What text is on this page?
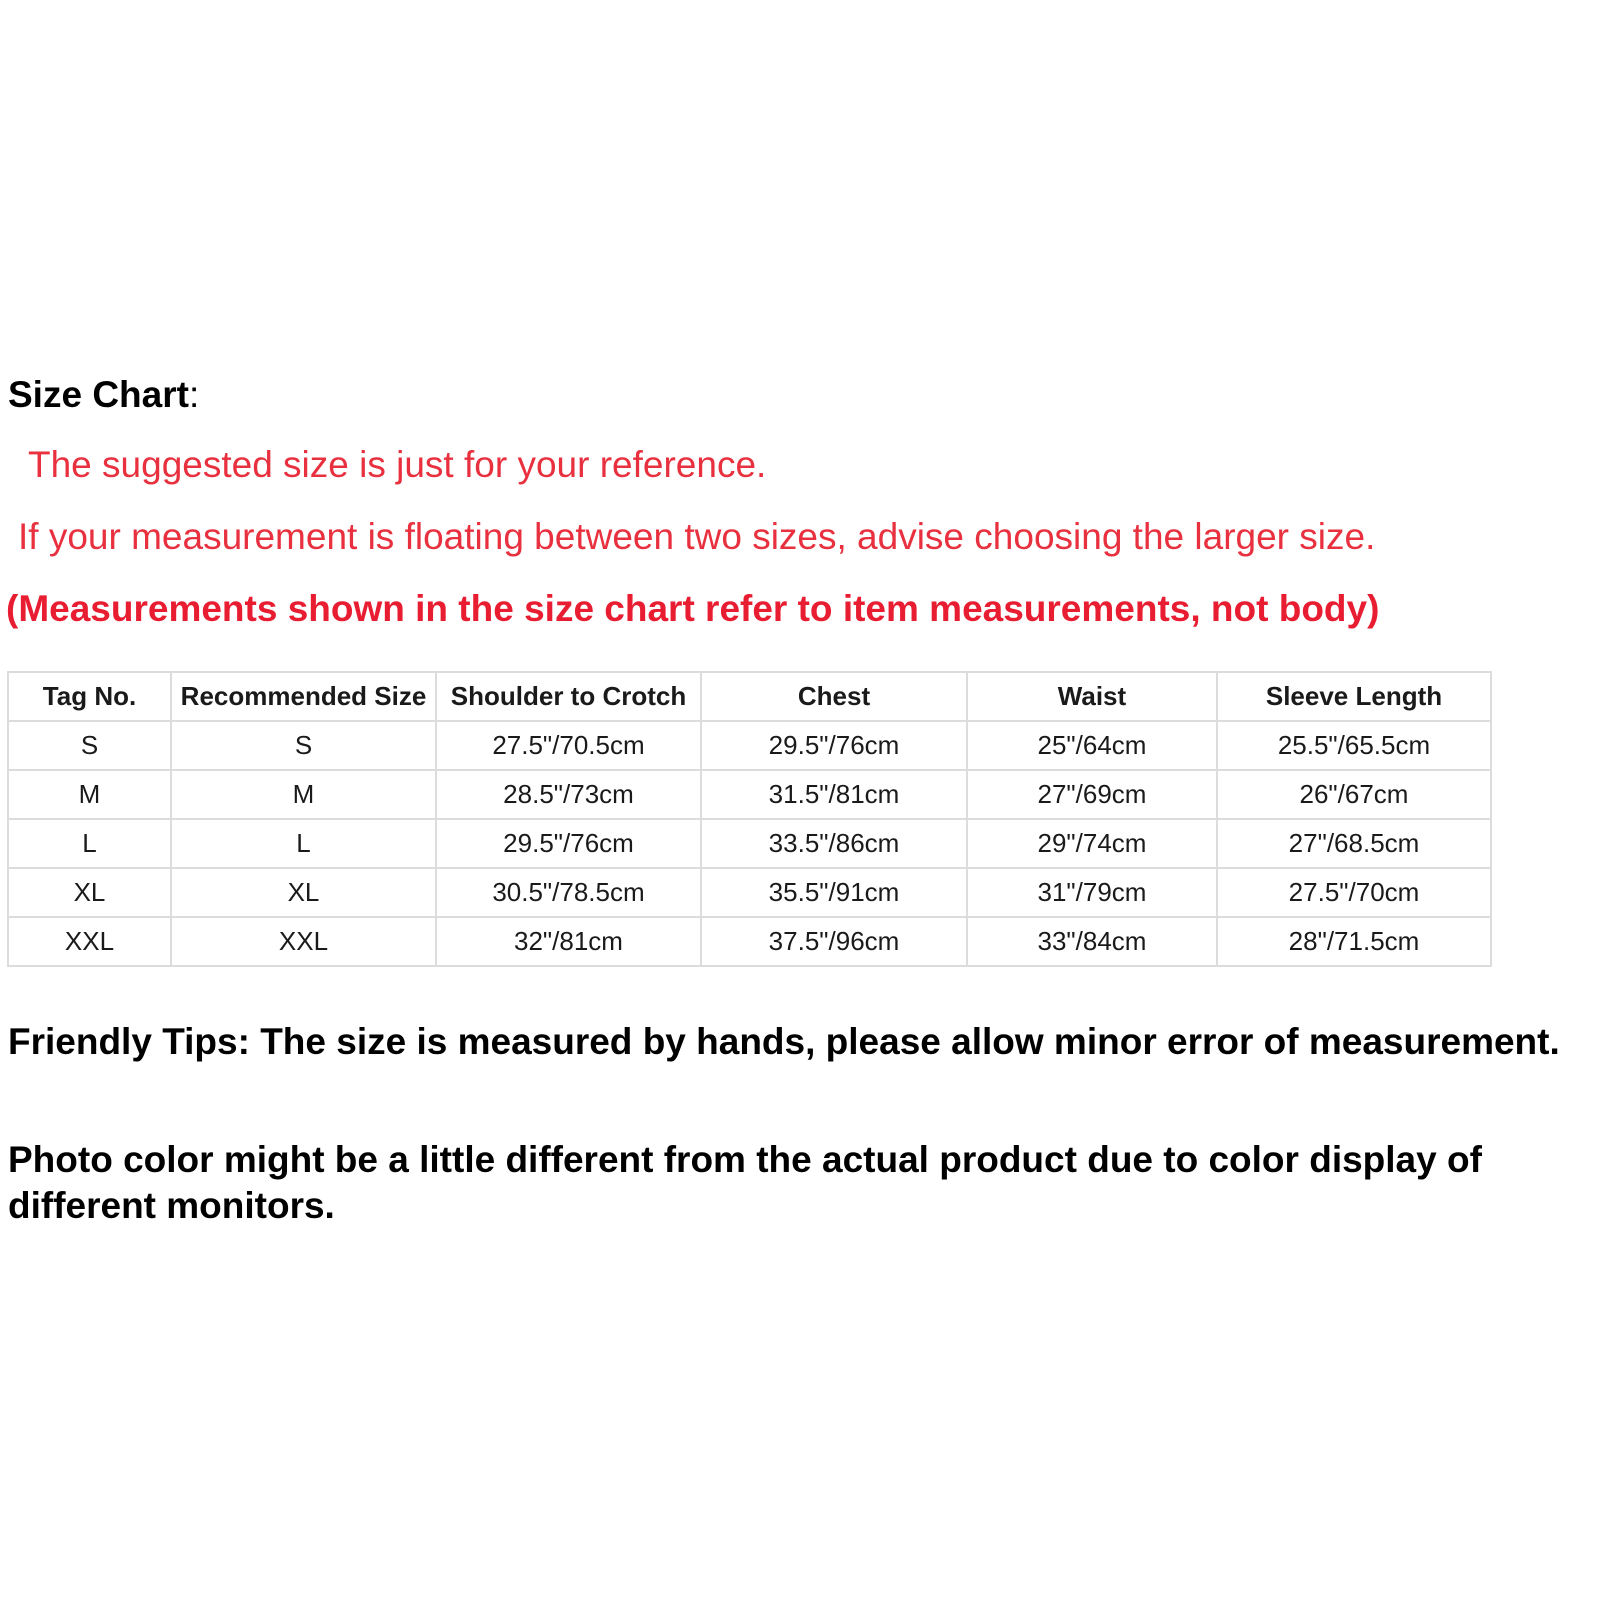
Size Chart:
The suggested size is just for your reference.
If your measurement is floating between two sizes, advise choosing the larger size.
(Measurements shown in the size chart refer to item measurements, not body)
Tag No.	Recommended Size	Shoulder to Crotch	Chest	Waist	Sleeve Length
S	S	27.5"/70.5cm	29.5"/76cm	25"/64cm	25.5"/65.5cm
M	M	28.5"/73cm	31.5"/81cm	27"/69cm	26"/67cm
L	L	29.5"/76cm	33.5"/86cm	29"/74cm	27"/68.5cm
XL	XL	30.5"/78.5cm	35.5"/91cm	31"/79cm	27.5"/70cm
XXL	XXL	32"/81cm	37.5"/96cm	33"/84cm	28"/71.5cm
Friendly Tips: The size is measured by hands, please allow minor error of measurement.
Photo color might be a little different from the actual product due to color display of different monitors.
